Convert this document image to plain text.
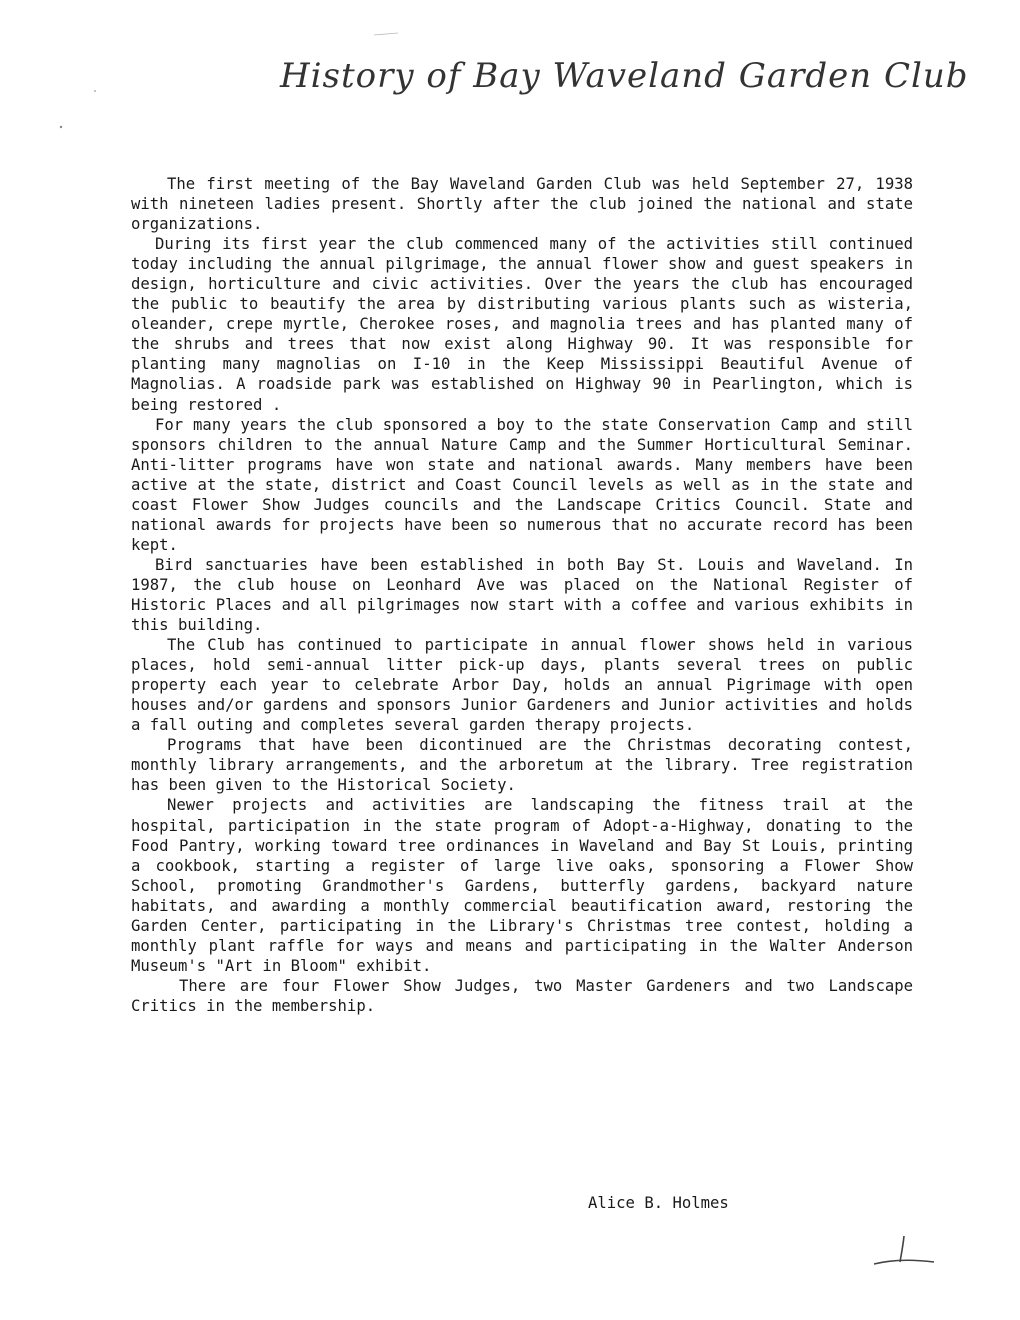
History of Bay Waveland Garden Club

The first meeting of the Bay Waveland Garden Club was held September 27, 1938 with nineteen ladies present. Shortly after the club joined the national and state organizations.

During its first year the club commenced many of the activities still continued today including the annual pilgrimage, the annual flower show and guest speakers in design, horticulture and civic activities. Over the years the club has encouraged the public to beautify the area by distributing various plants such as wisteria, oleander, crepe myrtle, Cherokee roses, and magnolia trees and has planted many of the shrubs and trees that now exist along Highway 90. It was responsible for planting many magnolias on I-10 in the Keep Mississippi Beautiful Avenue of Magnolias. A roadside park was established on Highway 90 in Pearlington, which is being restored .

For many years the club sponsored a boy to the state Conservation Camp and still sponsors children to the annual Nature Camp and the Summer Horticultural Seminar. Anti-litter programs have won state and national awards. Many members have been active at the state, district and Coast Council levels as well as in the state and coast Flower Show Judges councils and the Landscape Critics Council. State and national awards for projects have been so numerous that no accurate record has been kept.

Bird sanctuaries have been established in both Bay St. Louis and Waveland. In 1987, the club house on Leonhard Ave was placed on the National Register of Historic Places and all pilgrimages now start with a coffee and various exhibits in this building.

The Club has continued to participate in annual flower shows held in various places, hold semi-annual litter pick-up days, plants several trees on public property each year to celebrate Arbor Day, holds an annual Pigrimage with open houses and/or gardens and sponsors Junior Gardeners and Junior activities and holds a fall outing and completes several garden therapy projects.

Programs that have been dicontinued are the Christmas decorating contest, monthly library arrangements, and the arboretum at the library. Tree registration has been given to the Historical Society.

Newer projects and activities are landscaping the fitness trail at the hospital, participation in the state program of Adopt-a-Highway, donating to the Food Pantry, working toward tree ordinances in Waveland and Bay St Louis, printing a cookbook, starting a register of large live oaks, sponsoring a Flower Show School, promoting Grandmother's Gardens, butterfly gardens, backyard nature habitats, and awarding a monthly commercial beautification award, restoring the Garden Center, participating in the Library's Christmas tree contest, holding a monthly plant raffle for ways and means and participating in the Walter Anderson Museum's "Art in Bloom" exhibit.

There are four Flower Show Judges, two Master Gardeners and two Landscape Critics in the membership.

Alice B. Holmes
